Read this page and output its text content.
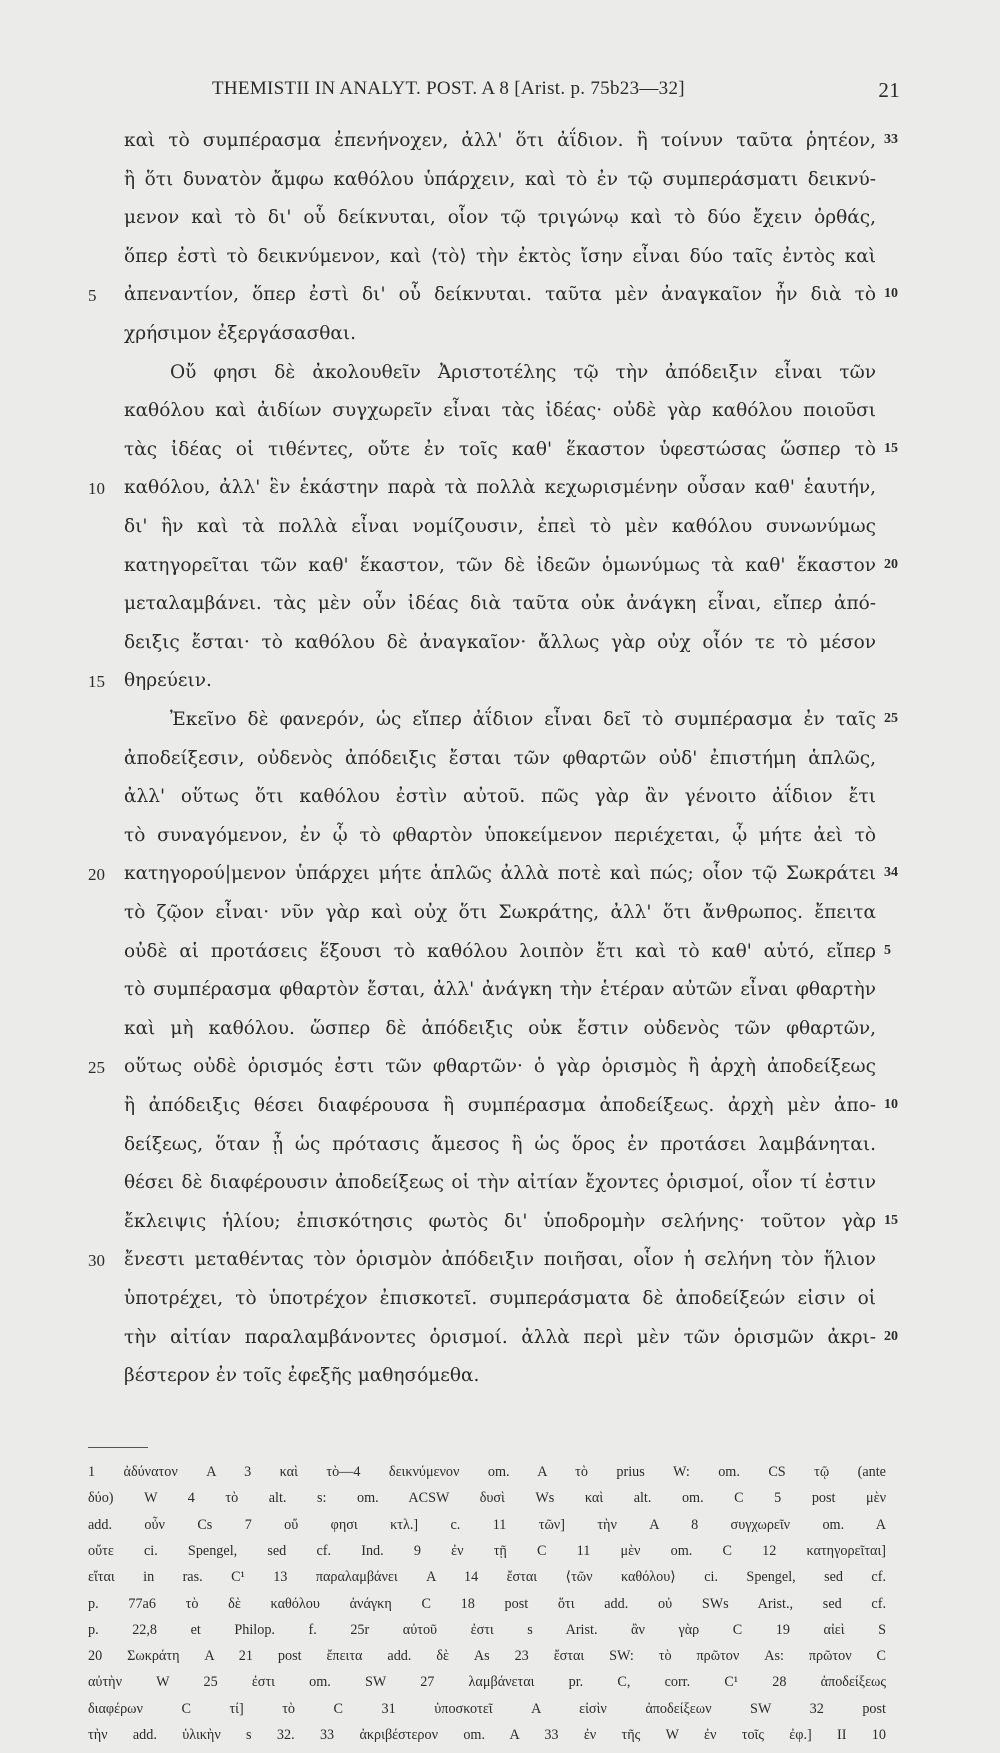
THEMISTII IN ANALYT. POST. A 8 [Arist. p. 75b23—32]	21
καὶ τὸ συμπέρασμα ἐπενήνοχεν, ἀλλ' ὅτι ἀΐδιον. ἢ τοίνυν ταῦτα ῥητέον, 33
ἢ ὅτι δυνατὸν ἄμφω καθόλου ὑπάρχειν, καὶ τὸ ἐν τῷ συμπεράσματι δεικνύ-
μενον καὶ τὸ δι' οὗ δείκνυται, οἷον τῷ τριγώνῳ καὶ τὸ δύο ἔχειν ὀρθάς,
ὅπερ ἐστὶ τὸ δεικνύμενον, καὶ ⟨τὸ⟩ τὴν ἐκτὸς ἴσην εἶναι δύο ταῖς ἐντὸς καὶ
5	ἀπεναντίον, ὅπερ ἐστὶ δι' οὗ δείκνυται. ταῦτα μὲν ἀναγκαῖον ἦν διὰ τὸ 10
χρήσιμον ἐξεργάσασθαι.
Οὔ φησι δὲ ἀκολουθεῖν Ἀριστοτέλης τῷ τὴν ἀπόδειξιν εἶναι τῶν
καθόλου καὶ ἀιδίων συγχωρεῖν εἶναι τὰς ἰδέας· οὐδὲ γὰρ καθόλου ποιοῦσι
τὰς ἰδέας οἱ τιθέντες, οὔτε ἐν τοῖς καθ' ἕκαστον ὑφεστώσας ὥσπερ τὸ 15
10 καθόλου, ἀλλ' ἓν ἑκάστην παρὰ τὰ πολλὰ κεχωρισμένην οὖσαν καθ' ἑαυτήν,
δι' ἣν καὶ τὰ πολλὰ εἶναι νομίζουσιν, ἐπεὶ τὸ μὲν καθόλου συνωνύμως
κατηγορεῖται τῶν καθ' ἕκαστον, τῶν δὲ ἰδεῶν ὁμωνύμως τὰ καθ' ἕκαστον 20
μεταλαμβάνει. τὰς μὲν οὖν ἰδέας διὰ ταῦτα οὐκ ἀνάγκη εἶναι, εἴπερ ἀπό-
δειξις ἔσται· τὸ καθόλου δὲ ἀναγκαῖον· ἄλλως γὰρ οὐχ οἷόν τε τὸ μέσον
15 θηρεύειν.
Ἐκεῖνο δὲ φανερόν, ὡς εἴπερ ἀΐδιον εἶναι δεῖ τὸ συμπέρασμα ἐν ταῖς 25
ἀποδείξεσιν, οὐδενὸς ἀπόδειξις ἔσται τῶν φθαρτῶν οὐδ' ἐπιστήμη ἁπλῶς,
ἀλλ' οὕτως ὅτι καθόλου ἐστὶν αὐτοῦ. πῶς γὰρ ἂν γένοιτο ἀΐδιον ἔτι
τὸ συναγόμενον, ἐν ᾧ τὸ φθαρτὸν ὑποκείμενον περιέχεται, ᾧ μήτε ἀεὶ τὸ
20 κατηγορού|μενον ὑπάρχει μήτε ἁπλῶς ἀλλὰ ποτὲ καὶ πώς; οἷον τῷ Σωκράτει 34
τὸ ζῷον εἶναι· νῦν γὰρ καὶ οὐχ ὅτι Σωκράτης, ἀλλ' ὅτι ἄνθρωπος. ἔπειτα
οὐδὲ αἱ προτάσεις ἕξουσι τὸ καθόλου λοιπὸν ἔτι καὶ τὸ καθ' αὑτό, εἴπερ 5
τὸ συμπέρασμα φθαρτὸν ἔσται, ἀλλ' ἀνάγκη τὴν ἑτέραν αὐτῶν εἶναι φθαρτὴν
καὶ μὴ καθόλου. ὥσπερ δὲ ἀπόδειξις οὐκ ἔστιν οὐδενὸς τῶν φθαρτῶν,
25 οὕτως οὐδὲ ὁρισμός ἐστι τῶν φθαρτῶν· ὁ γὰρ ὁρισμὸς ἢ ἀρχὴ ἀποδείξεως
ἢ ἀπόδειξις θέσει διαφέρουσα ἢ συμπέρασμα ἀποδείξεως. ἀρχὴ μὲν ἀπο- 10
δείξεως, ὅταν ᾖ ὡς πρότασις ἄμεσος ἢ ὡς ὅρος ἐν προτάσει λαμβάνηται.
θέσει δὲ διαφέρουσιν ἀποδείξεως οἱ τὴν αἰτίαν ἔχοντες ὁρισμοί, οἷον τί ἐστιν
ἔκλειψις ἡλίου; ἐπισκότησις φωτὸς δι' ὑποδρομὴν σελήνης· τοῦτον γὰρ 15
30 ἔνεστι μεταθέντας τὸν ὁρισμὸν ἀπόδειξιν ποιῆσαι, οἷον ἡ σελήνη τὸν ἥλιον
ὑποτρέχει, τὸ ὑποτρέχον ἐπισκοτεῖ. συμπεράσματα δὲ ἀποδείξεών εἰσιν οἱ
τὴν αἰτίαν παραλαμβάνοντες ὁρισμοί. ἀλλὰ περὶ μὲν τῶν ὁρισμῶν ἀκρι- 20
βέστερον ἐν τοῖς ἐφεξῆς μαθησόμεθα.
1 ἀδύνατον A 3 καὶ τὸ—4 δεικνύμενον om. A τὸ prius W: om. CS τῷ (ante
δύο) W 4 τὸ alt. s: om. ACSW δυσὶ Ws καὶ alt. om. C 5 post μὲν
add. οὖν Cs 7 οὔ φησι κτλ.] c. 11 τῶν] τὴν A 8 συγχωρεῖν om. A
οὔτε ci. Spengel, sed cf. Ind. 9 ἐν τῇ C 11 μὲν om. C 12 κατηγορεῖται]
εἴται in ras. C¹ 13 παραλαμβάνει A 14 ἔσται ⟨τῶν καθόλου⟩ ci. Spengel, sed cf.
p. 77a6 τὸ δὲ καθόλου ἀνάγκη C 18 post ὅτι add. οὐ SWs Arist., sed cf.
p. 22,8 et Philop. f. 25r αὐτοῦ ἐστι s Arist. ἂν γὰρ C 19 αἰεὶ S
20 Σωκράτη A 21 post ἔπειτα add. δὲ As 23 ἔσται SW: τὸ πρῶτον As: πρῶτον C
αὐτὴν W 25 ἐστι om. SW 27 λαμβάνεται pr. C, corr. C¹ 28 ἀποδείξεως
διαφέρων C τί] τὸ C 31 ὑποσκοτεῖ A εἰσὶν ἀποδείξεων SW 32 post
τὴν add. ὑλικὴν s 32. 33 ἀκριβέστερον om. A 33 ἐν τῆς W ἐν τοῖς ἐφ.] II 10
